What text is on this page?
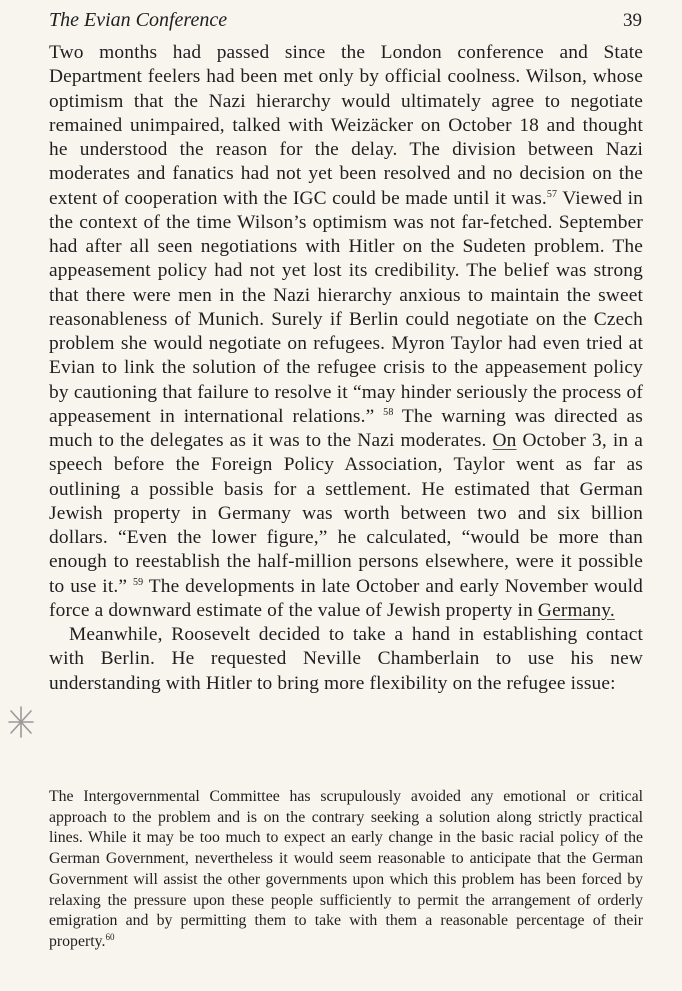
The Evian Conference	39

Two months had passed since the London conference and State Department feelers had been met only by official coolness. Wilson, whose optimism that the Nazi hierarchy would ultimately agree to negotiate remained unimpaired, talked with Weizäcker on October 18 and thought he understood the reason for the delay. The division between Nazi moderates and fanatics had not yet been resolved and no decision on the extent of cooperation with the IGC could be made until it was.$^{57}$ Viewed in the context of the time Wilson’s optimism was not far-fetched. September had after all seen negotiations with Hitler on the Sudeten problem. The appeasement policy had not yet lost its credibility. The belief was strong that there were men in the Nazi hierarchy anxious to maintain the sweet reasonableness of Munich. Surely if Berlin could negotiate on the Czech problem she would negotiate on refugees. Myron Taylor had even tried at Evian to link the solution of the refugee crisis to the appeasement policy by cautioning that failure to resolve it “may hinder seriously the process of appeasement in international relations.” $^{58}$ The warning was directed as much to the delegates as it was to the Nazi moderates. On October 3, in a speech before the Foreign Policy Association, Taylor went as far as outlining a possible basis for a settlement. He estimated that German Jewish property in Germany was worth between two and six billion dollars. “Even the lower figure,” he calculated, “would be more than enough to reestablish the half-million persons elsewhere, were it possible to use it.” $^{59}$ The developments in late October and early November would force a downward estimate of the value of Jewish property in Germany.

Meanwhile, Roosevelt decided to take a hand in establishing contact with Berlin. He requested Neville Chamberlain to use his new understanding with Hitler to bring more flexibility on the refugee issue:

The Intergovernmental Committee has scrupulously avoided any emotional or critical approach to the problem and is on the contrary seeking a solution along strictly practical lines. While it may be too much to expect an early change in the basic racial policy of the German Government, nevertheless it would seem reasonable to anticipate that the German Government will assist the other governments upon which this problem has been forced by relaxing the pressure upon these people sufficiently to permit the arrangement of orderly emigration and by permitting them to take with them a reasonable percentage of their property.$^{60}$
